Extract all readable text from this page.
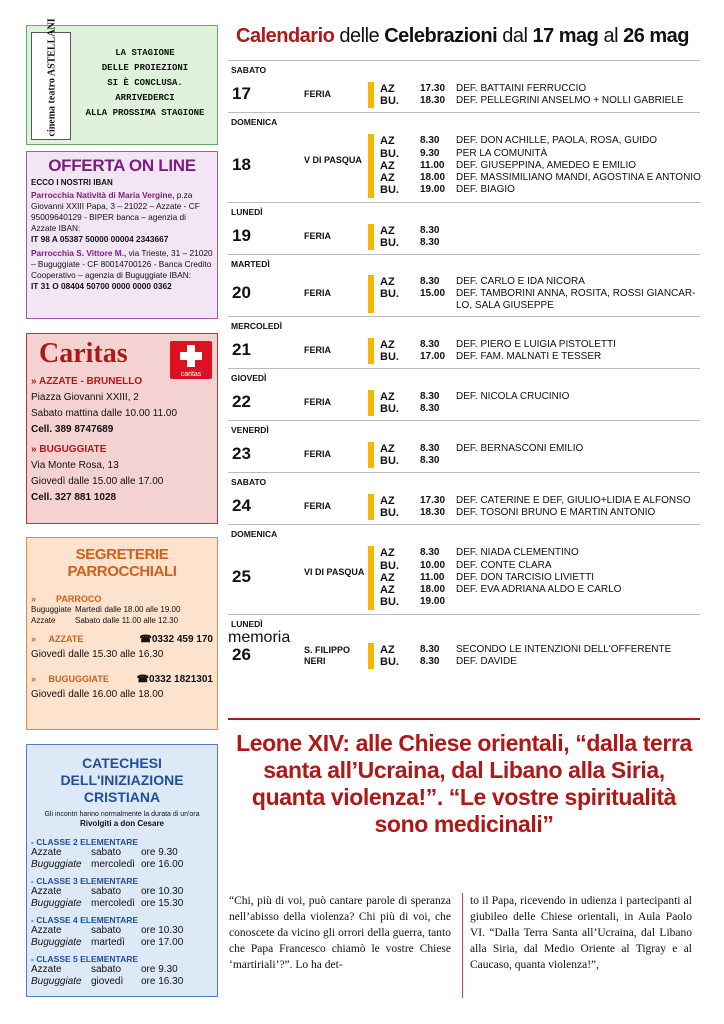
cinema teatro ASTELLANI	LA STAGIONE
DELLE PROIEZIONI
SI È CONCLUSA.
ARRIVEDERCI
ALLA PROSSIMA STAGIONE
OFFERTA ON LINE
ECCO I NOSTRI IBAN
Parrocchia Natività di Maria Vergine, p.za Giovanni XXIII Papa, 3 – 21022 – Azzate - CF 95009640129 - BIPER banca – agenzia di Azzate IBAN:
IT 98 A 05387 50000 00004 2343667
Parrocchia S. Vittore M., via Trieste, 31 – 21020 – Buguggiate - CF 80014700126 - Banca Credito Cooperativo – agenzia di Buguggiate IBAN:
IT 31 O 08404 50700 0000 0000 0362
Caritas
caritas
» AZZATE - BRUNELLO
Piazza Giovanni XXIII, 2
Sabato mattina dalle 10.00 11.00
Cell. 389 8747689
» BUGUGGIATE
Via Monte Rosa, 13
Giovedì dalle 15.00 alle 17.00
Cell. 327 881 1028
SEGRETERIE PARROCCHIALI
» PARROCO
Buguggiate Martedì dalle 18.00 alle 19.00
Azzate	Sabato dalle 11.00 alle 12.30
»     AZZATE	☎0332 459 170
Giovedì dalle 15.30 alle 16.30
»     BUGUGGIATE	☎0332 1821301
Giovedì dalle 16.00 alle 18.00
CATECHESI
DELL'INIZIAZIONE CRISTIANA
Gli incontri hanno normalmente la durata di un'ora
Rivolgiti a don Cesare
- CLASSE 2 ELEMENTARE
Azzate	sabato	ore 9.30
Buguggiate mercoledì ore 16.00
- CLASSE 3 ELEMENTARE
Azzate	sabato	ore 10.30
Buguggiate mercoledì ore 15.30
- CLASSE 4 ELEMENTARE
Azzate	sabato	ore 10.30
Buguggiate martedì	ore 17.00
- CLASSE 5 ELEMENTARE
Azzate	sabato	ore 9.30
Buguggiate giovedì	ore 16.30
Calendario delle Celebrazioni dal 17 mag al 26 mag
SABATO
17	FERIA	AZ	17.30	DEF. BATTAINI FERRUCCIO
BU.	18.30	DEF. PELLEGRINI ANSELMO + NOLLI GABRIELE
DOMENICA
18	V DI PASQUA
AZ	8.30	DEF. DON ACHILLE, PAOLA, ROSA, GUIDO
BU.	9.30	PER LA COMUNITÀ
AZ	11.00	DEF. GIUSEPPINA, AMEDEO E EMILIO
AZ	18.00	DEF. MASSIMILIANO MANDI, AGOSTINA E ANTONIO
BU.	19.00	DEF. BIAGIO
LUNEDÌ
19	FERIA	AZ	8.30
BU.	8.30
MARTEDÌ
20	FERIA
AZ	8.30	DEF. CARLO E IDA NICORA
BU.	15.00	DEF. TAMBORINI ANNA, ROSITA, ROSSI GIANCAR-
LO, SALA GIUSEPPE
MERCOLEDÌ
21	FERIA	AZ	8.30	DEF. PIERO E LUIGIA PISTOLETTI
BU.	17.00	DEF. FAM. MALNATI E TESSER
GIOVEDÌ
22	FERIA	AZ	8.30	DEF. NICOLA CRUCINIO
BU.	8.30
VENERDÌ
23	FERIA	AZ	8.30	DEF. BERNASCONI EMILIO
BU.	8.30
SABATO
24	FERIA	AZ	17.30	DEF. CATERINE E DEF, GIULIO+LIDIA E ALFONSO
BU.	18.30	DEF. TOSONI BRUNO E MARTIN ANTONIO
DOMENICA
25	VI DI PASQUA
AZ	8.30	DEF. NIADA CLEMENTINO
BU.	10.00	DEF. CONTE CLARA
AZ	11.00	DEF. DON TARCISIO LIVIETTI
AZ	18.00	DEF. EVA ADRIANA ALDO E CARLO
BU.	19.00
LUNEDÌ
memoria
26	S. FILIPPO NERI
AZ	8.30	SECONDO LE INTENZIONI DELL'OFFERENTE
BU.	8.30	DEF. DAVIDE
Leone XIV: alle Chiese orientali, “dalla terra santa all’Ucraina, dal Libano alla Siria, quanta violenza!”. “Le vostre spiritualità sono medicinali”
“Chi, più di voi, può cantare parole di speranza nell’abisso della violenza? Chi più di voi, che conoscete da vicino gli orrori della guerra, tanto che Papa Francesco chiamò le vostre Chiese ‘martiriali’?”. Lo ha det-
to il Papa, ricevendo in udienza i partecipanti al giubileo delle Chiese orientali, in Aula Paolo VI. “Dalla Terra Santa all’Ucraina, dal Libano alla Siria, dal Medio Oriente al Tigray e al Caucaso, quanta violenza!”,
